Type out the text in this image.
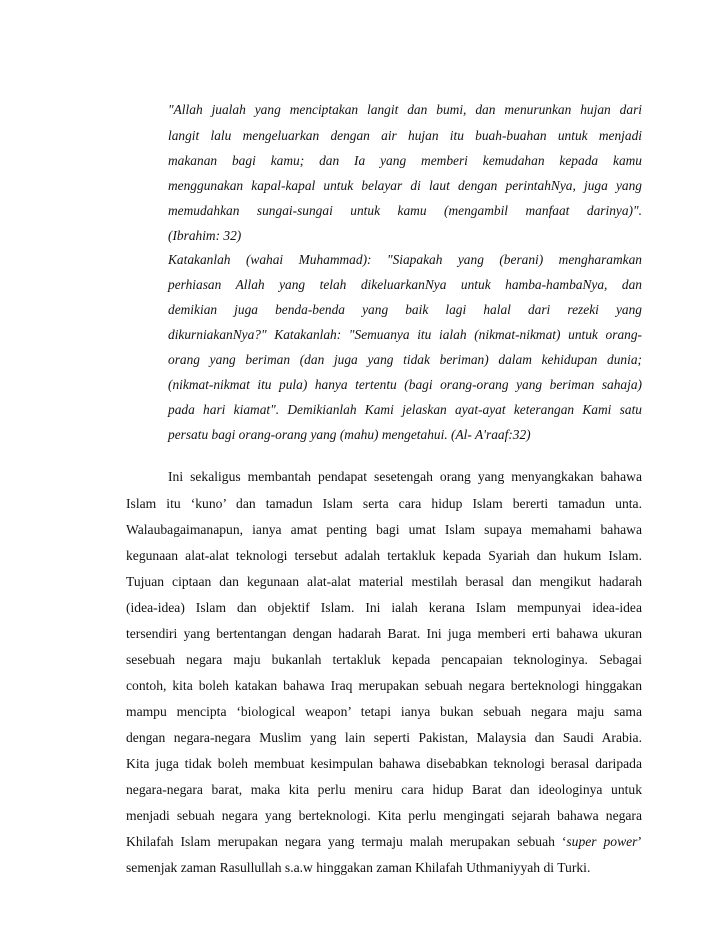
"Allah jualah yang menciptakan langit dan bumi, dan menurunkan hujan dari
langit lalu mengeluarkan dengan air hujan itu buah-buahan untuk menjadi
makanan bagi kamu; dan Ia yang memberi kemudahan kepada kamu
menggunakan kapal-kapal untuk belayar di laut dengan perintahNya, juga yang
memudahkan sungai-sungai untuk kamu (mengambil manfaat darinya)".
(Ibrahim: 32)
Katakanlah (wahai Muhammad): "Siapakah yang (berani) mengharamkan
perhiasan Allah yang telah dikeluarkanNya untuk hamba-hambaNya, dan
demikian juga benda-benda yang baik lagi halal dari rezeki yang
dikurniakanNya?" Katakanlah: "Semuanya itu ialah (nikmat-nikmat) untuk orang-
orang yang beriman (dan juga yang tidak beriman) dalam kehidupan dunia;
(nikmat-nikmat itu pula) hanya tertentu (bagi orang-orang yang beriman sahaja)
pada hari kiamat". Demikianlah Kami jelaskan ayat-ayat keterangan Kami satu
persatu bagi orang-orang yang (mahu) mengetahui. (Al- A'raaf:32)
Ini sekaligus membantah pendapat sesetengah orang yang menyangkakan bahawa
Islam itu ‘kuno’ dan tamadun Islam serta cara hidup Islam bererti tamadun unta.
Walaubagaimanapun, ianya amat penting bagi umat Islam supaya memahami bahawa
kegunaan alat-alat teknologi tersebut adalah tertakluk kepada Syariah dan hukum Islam.
Tujuan ciptaan dan kegunaan alat-alat material mestilah berasal dan mengikut hadarah
(idea-idea) Islam dan objektif Islam. Ini ialah kerana Islam mempunyai idea-idea
tersendiri yang bertentangan dengan hadarah Barat. Ini juga memberi erti bahawa ukuran
sesebuah negara maju bukanlah tertakluk kepada pencapaian teknologinya. Sebagai
contoh, kita boleh katakan bahawa Iraq merupakan sebuah negara berteknologi hinggakan
mampu mencipta ‘biological weapon’ tetapi ianya bukan sebuah negara maju sama
dengan negara-negara Muslim yang lain seperti Pakistan, Malaysia dan Saudi Arabia.
Kita juga tidak boleh membuat kesimpulan bahawa disebabkan teknologi berasal daripada
negara-negara barat, maka kita perlu meniru cara hidup Barat dan ideologinya untuk
menjadi sebuah negara yang berteknologi. Kita perlu mengingati sejarah bahawa negara
Khilafah Islam merupakan negara yang termaju malah merupakan sebuah ‘super power’
semenjak zaman Rasullullah s.a.w hinggakan zaman Khilafah Uthmaniyyah di Turki.
